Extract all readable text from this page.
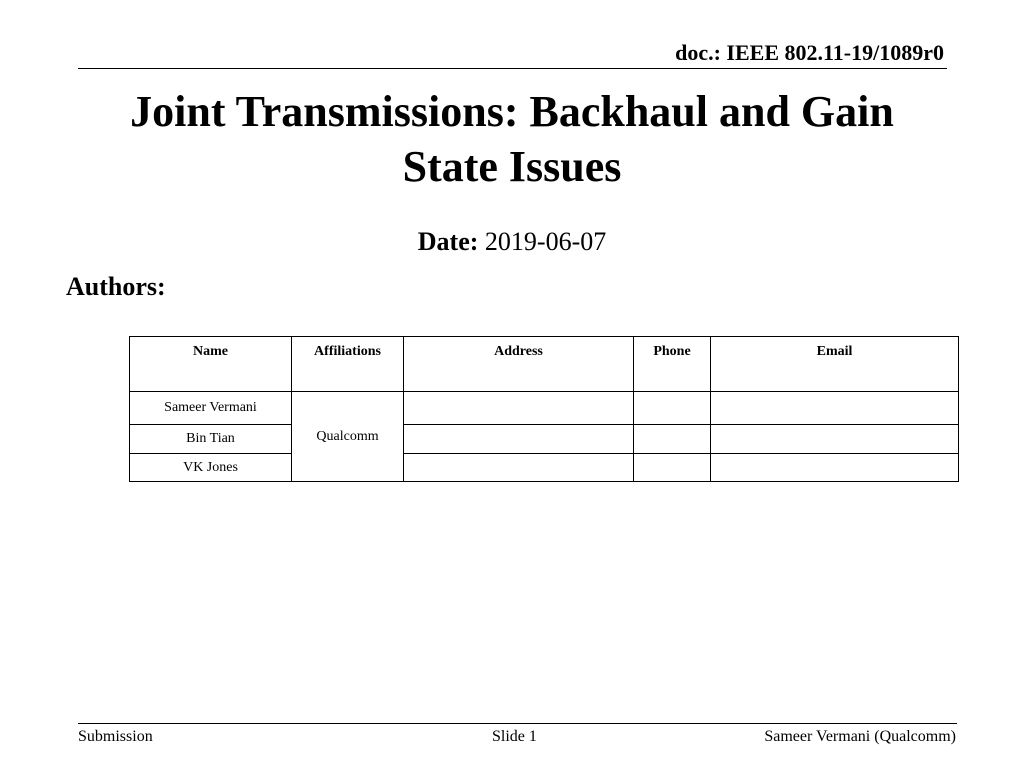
doc.: IEEE 802.11-19/1089r0
Joint Transmissions: Backhaul and Gain
State Issues
Date: 2019-06-07
Authors:
Name	Affiliations	Address	Phone	Email
Sameer Vermani	Qualcomm			
Bin Tian				
VK Jones				
Submission	Slide 1	Sameer Vermani (Qualcomm)
